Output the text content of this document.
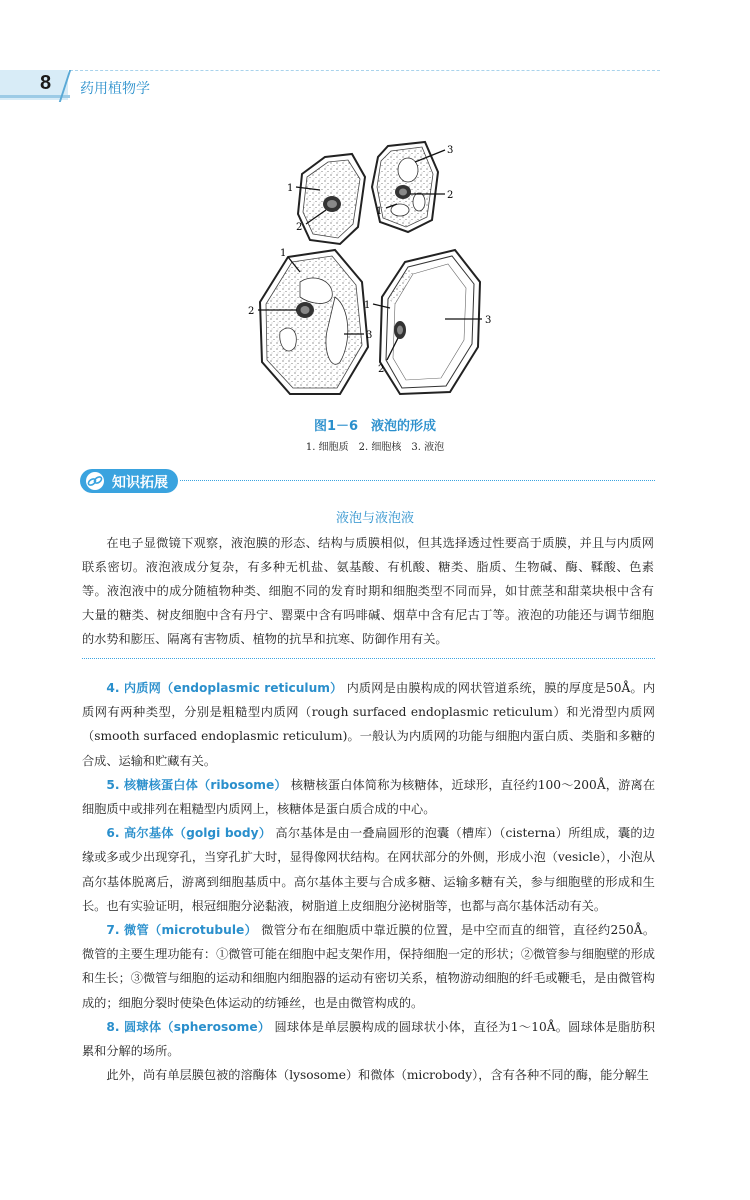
8 药用植物学
1
2
3
2
1
1
2
3
1
3
2
图1－6　液泡的形成
1. 细胞质　2. 细胞核　3. 液泡
知识拓展
液泡与液泡液
在电子显微镜下观察，液泡膜的形态、结构与质膜相似，但其选择透过性要高于质膜，并且与内质网联系密切。液泡液成分复杂，有多种无机盐、氨基酸、有机酸、糖类、脂质、生物碱、酶、鞣酸、色素等。液泡液中的成分随植物种类、细胞不同的发育时期和细胞类型不同而异，如甘蔗茎和甜菜块根中含有大量的糖类、树皮细胞中含有丹宁、罂粟中含有吗啡碱、烟草中含有尼古丁等。液泡的功能还与调节细胞的水势和膨压、隔离有害物质、植物的抗旱和抗寒、防御作用有关。

4. 内质网（endoplasmic reticulum） 内质网是由膜构成的网状管道系统，膜的厚度是50Å。内质网有两种类型，分别是粗糙型内质网（rough surfaced endoplasmic reticulum）和光滑型内质网（smooth surfaced endoplasmic reticulum)。一般认为内质网的功能与细胞内蛋白质、类脂和多糖的合成、运输和贮藏有关。

5. 核糖核蛋白体（ribosome） 核糖核蛋白体简称为核糖体，近球形，直径约100～200Å，游离在细胞质中或排列在粗糙型内质网上，核糖体是蛋白质合成的中心。

6. 高尔基体（golgi body） 高尔基体是由一叠扁圆形的泡囊（槽库）（cisterna）所组成，囊的边缘或多或少出现穿孔，当穿孔扩大时，显得像网状结构。在网状部分的外侧，形成小泡（vesicle），小泡从高尔基体脱离后，游离到细胞基质中。高尔基体主要与合成多糖、运输多糖有关，参与细胞壁的形成和生长。也有实验证明，根冠细胞分泌黏液，树脂道上皮细胞分泌树脂等，也都与高尔基体活动有关。

7. 微管（microtubule） 微管分布在细胞质中靠近膜的位置，是中空而直的细管，直径约250Å。微管的主要生理功能有：①微管可能在细胞中起支架作用，保持细胞一定的形状；②微管参与细胞壁的形成和生长；③微管与细胞的运动和细胞内细胞器的运动有密切关系，植物游动细胞的纤毛或鞭毛，是由微管构成的；细胞分裂时使染色体运动的纺锤丝，也是由微管构成的。

8. 圆球体（spherosome） 圆球体是单层膜构成的圆球状小体，直径为1～10Å。圆球体是脂肪积累和分解的场所。

此外，尚有单层膜包被的溶酶体（lysosome）和微体（microbody），含有各种不同的酶，能分解生
